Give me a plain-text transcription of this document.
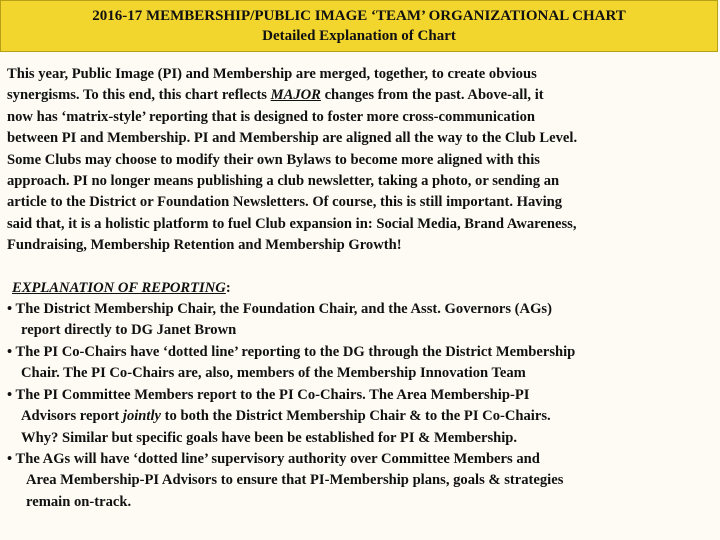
2016-17 MEMBERSHIP/PUBLIC IMAGE ‘TEAM’ ORGANIZATIONAL CHART
Detailed Explanation of Chart

This year, Public Image (PI) and Membership are merged, together, to create obvious

synergisms. To this end, this chart reflects MAJOR changes from the past. Above-all, it

now has ‘matrix-style’ reporting that is designed to foster more cross-communication

between PI and Membership. PI and Membership are aligned all the way to the Club Level.

Some Clubs may choose to modify their own Bylaws to become more aligned with this

approach. PI no longer means publishing a club newsletter, taking a photo, or sending an

article to the District or Foundation Newsletters. Of course, this is still important. Having

said that, it is a holistic platform to fuel Club expansion in: Social Media, Brand Awareness,

Fundraising, Membership Retention and Membership Growth!

EXPLANATION OF REPORTING:

• The District Membership Chair, the Foundation Chair, and the Asst. Governors (AGs)

report directly to DG Janet Brown

• The PI Co-Chairs have ‘dotted line’ reporting to the DG through the District Membership

Chair. The PI Co-Chairs are, also, members of the Membership Innovation Team

• The PI Committee Members report to the PI Co-Chairs. The Area Membership-PI

Advisors report jointly to both the District Membership Chair & to the PI Co-Chairs.

Why? Similar but specific goals have been be established for PI & Membership.

• The AGs will have ‘dotted line’ supervisory authority over Committee Members and

Area Membership-PI Advisors to ensure that PI-Membership plans, goals & strategies

remain on-track.
